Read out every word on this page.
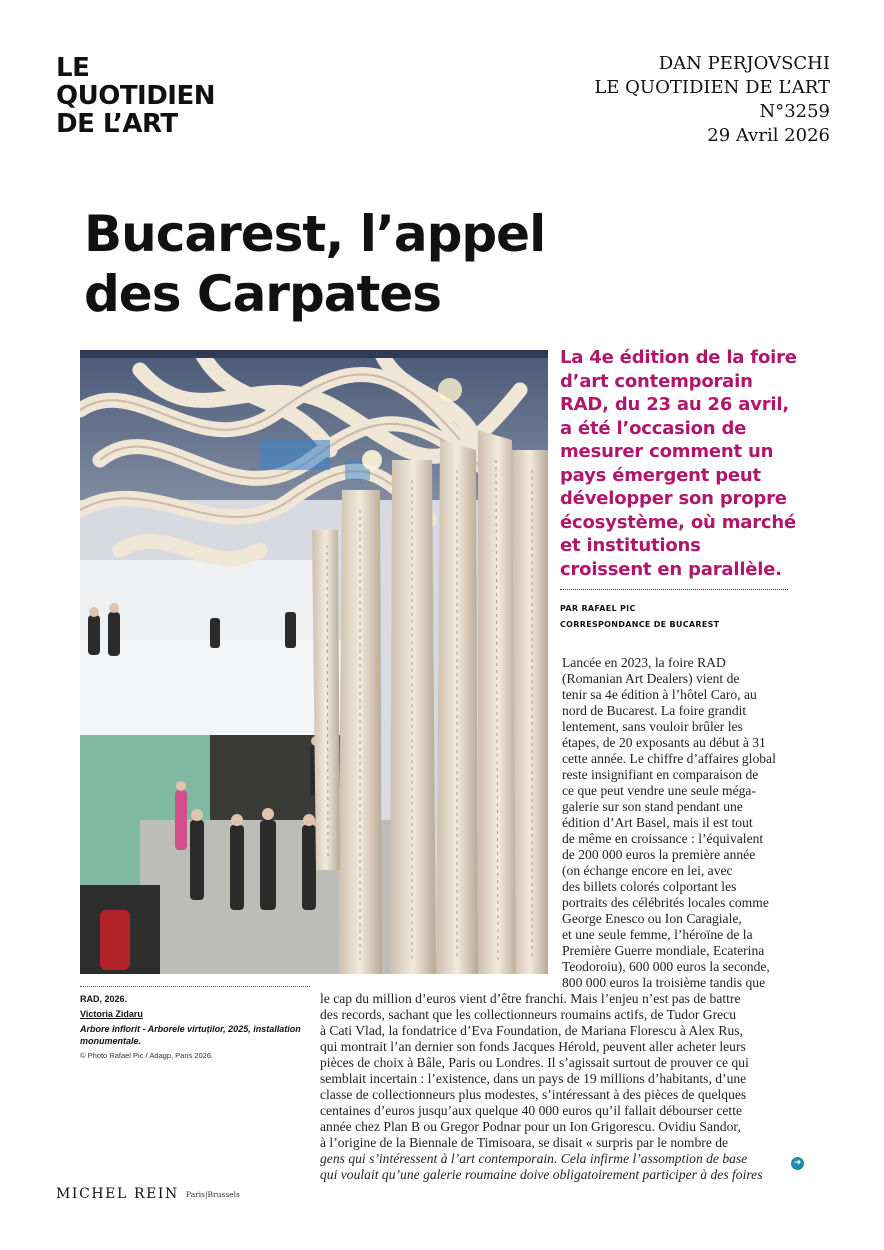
LE
QUOTIDIEN
DE L’ART
DAN PERJOVSCHI
LE QUOTIDIEN DE L’ART
N°3259
29 Avril 2026
Bucarest, l’appel
des Carpates
RAD, 2026.
Victoria Zidaru
Arbore înflorit - Arborele virtuților, 2025, installation monumentale.
© Photo Rafael Pic / Adagp, Paris 2026.
La 4e édition de la foire d’art contemporain RAD, du 23 au 26 avril, a été l’occasion de mesurer comment un pays émergent peut développer son propre écosystème, où marché et institutions croissent en parallèle.
PAR RAFAEL PIC
CORRESPONDANCE DE BUCAREST
Lancée en 2023, la foire RAD
(Romanian Art Dealers) vient de
tenir sa 4e édition à l’hôtel Caro, au
nord de Bucarest. La foire grandit
lentement, sans vouloir brûler les
étapes, de 20 exposants au début à 31
cette année. Le chiffre d’affaires global
reste insignifiant en comparaison de
ce que peut vendre une seule méga-
galerie sur son stand pendant une
édition d’Art Basel, mais il est tout
de même en croissance : l’équivalent
de 200 000 euros la première année
(on échange encore en lei, avec
des billets colorés colportant les
portraits des célébrités locales comme
George Enesco ou Ion Caragiale,
et une seule femme, l’héroïne de la
Première Guerre mondiale, Ecaterina
Teodoroiu), 600 000 euros la seconde,
800 000 euros la troisième tandis que
le cap du million d’euros vient d’être franchi. Mais l’enjeu n’est pas de battre
des records, sachant que les collectionneurs roumains actifs, de Tudor Grecu
à Cati Vlad, la fondatrice d’Eva Foundation, de Mariana Florescu à Alex Rus,
qui montrait l’an dernier son fonds Jacques Hérold, peuvent aller acheter leurs
pièces de choix à Bâle, Paris ou Londres. Il s’agissait surtout de prouver ce qui
semblait incertain : l’existence, dans un pays de 19 millions d’habitants, d’une
classe de collectionneurs plus modestes, s’intéressant à des pièces de quelques
centaines d’euros jusqu’aux quelque 40 000 euros qu’il fallait débourser cette
année chez Plan B ou Gregor Podnar pour un Ion Grigorescu. Ovidiu Sandor,
à l’origine de la Biennale de Timisoara, se disait « surpris par le nombre de
gens qui s’intéressent à l’art contemporain. Cela infirme l’assomption de base
qui voulait qu’une galerie roumaine doive obligatoirement participer à des foires
➜
MICHEL REIN Paris|Brussels
